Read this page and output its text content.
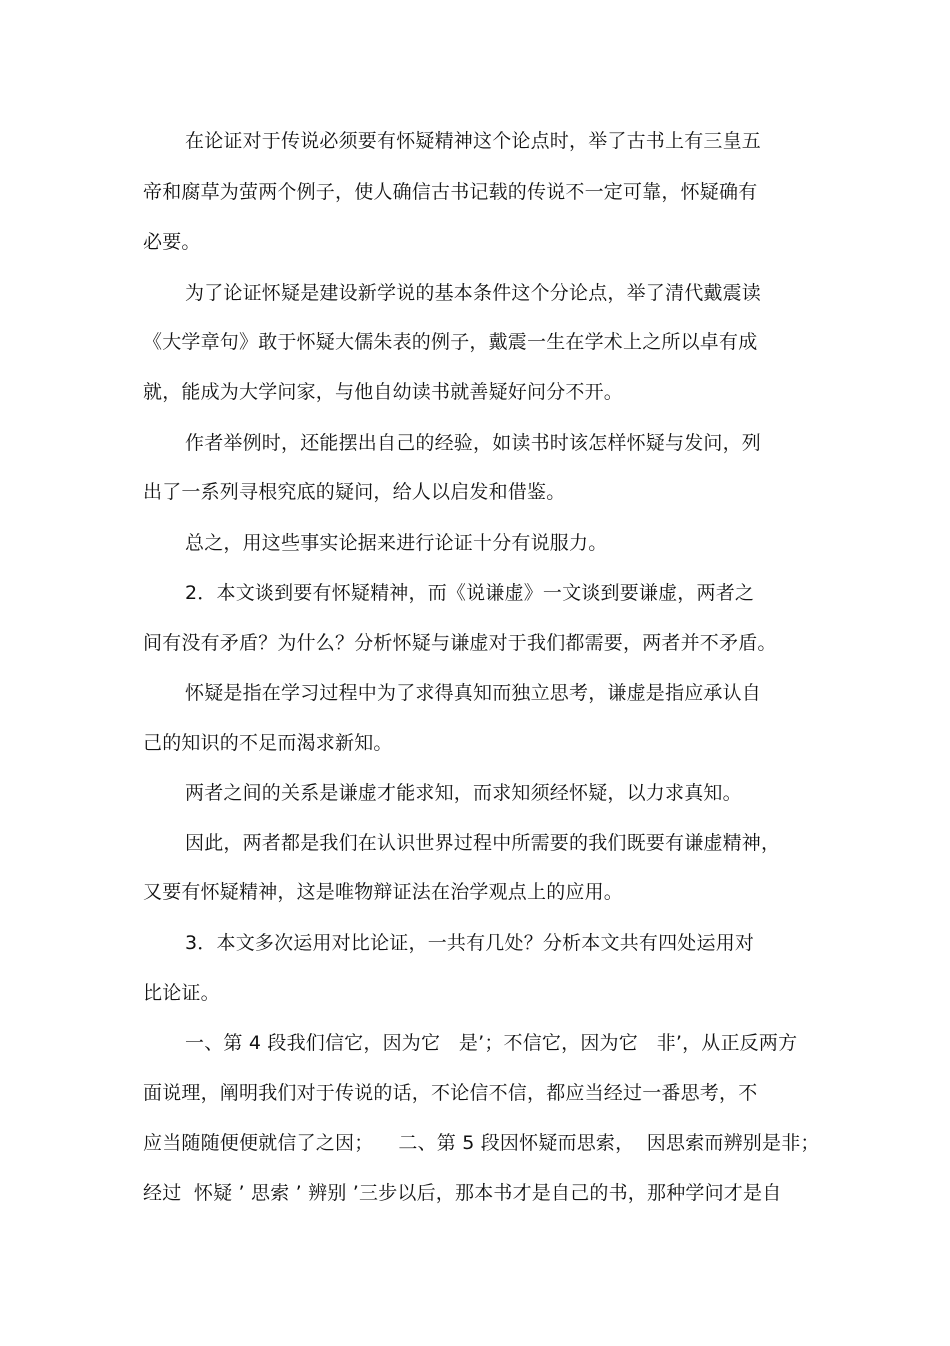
在论证对于传说必须要有怀疑精神这个论点时，举了古书上有三皇五
帝和腐草为萤两个例子，使人确信古书记载的传说不一定可靠，怀疑确有
必要。
为了论证怀疑是建设新学说的基本条件这个分论点，举了清代戴震读
《大学章句》敢于怀疑大儒朱表的例子，戴震一生在学术上之所以卓有成
就，能成为大学问家，与他自幼读书就善疑好问分不开。
作者举例时，还能摆出自己的经验，如读书时该怎样怀疑与发问，列
出了一系列寻根究底的疑问，给人以启发和借鉴。
总之，用这些事实论据来进行论证十分有说服力。
2．本文谈到要有怀疑精神，而《说谦虚》一文谈到要谦虚，两者之
间有没有矛盾？为什么？分析怀疑与谦虚对于我们都需要，两者并不矛盾。
怀疑是指在学习过程中为了求得真知而独立思考，谦虚是指应承认自
己的知识的不足而渴求新知。
两者之间的关系是谦虚才能求知，而求知须经怀疑，以力求真知。
因此，两者都是我们在认识世界过程中所需要的我们既要有谦虚精神，
又要有怀疑精神，这是唯物辩证法在治学观点上的应用。
3．本文多次运用对比论证，一共有几处？分析本文共有四处运用对
比论证。
一、第 4 段我们信它，因为它   是’；不信它，因为它   非’，从正反两方
面说理，阐明我们对于传说的话，不论信不信，都应当经过一番思考，不
应当随随便便就信了之因；    二、第 5 段因怀疑而思索，  因思索而辨别是非；
经过  怀疑 ’ 思索 ’ 辨别 ’三步以后，那本书才是自己的书，那种学问才是自
